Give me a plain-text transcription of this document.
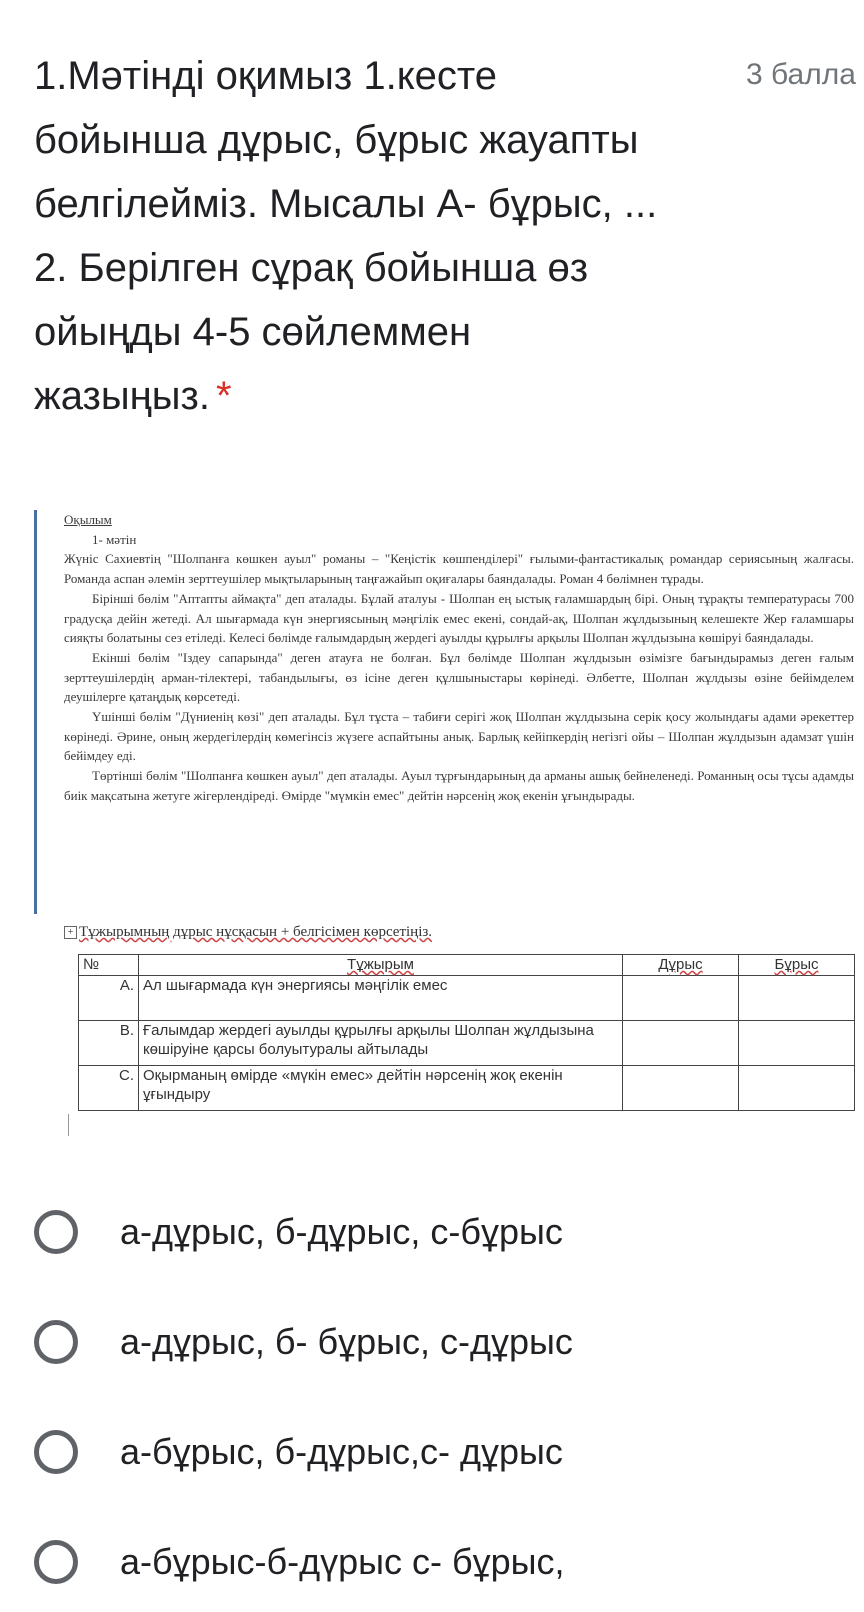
1.Мәтінді оқимыз 1.кесте
бойынша дұрыс, бұрыс жауапты
белгілейміз. Мысалы А- бұрыс, ...
2. Берілген сұрақ бойынша өз
ойыңды 4-5 сөйлеммен
жазыңыз. *
3 балла

Оқылым

1- мәтін

Жүніс Сахиевтің "Шолпанға көшкен ауыл" романы – "Кеңістік көшпенділері" ғылыми-фантастикалық романдар сериясының жалғасы. Романда аспан әлемін зерттеушілер мықтыларының таңғажайып оқиғалары баяндалады. Роман 4 бөлімнен тұрады.

Бірінші бөлім "Аптапты аймақта" деп аталады. Бұлай аталуы - Шолпан ең ыстық ғаламшардың бірі. Оның тұрақты температурасы 700 градусқа дейін жетеді. Ал шығармада күн энергиясының мәңгілік емес екені, сондай-ақ, Шолпан жұлдызының келешекте Жер ғаламшары сияқты болатыны сез етіледі. Келесі бөлімде ғалымдардың жердегі ауылды құрылғы арқылы Шолпан жұлдызына көшіруі баяндалады.

Екінші бөлім "Іздеу сапарында" деген атауға не болған. Бұл бөлімде Шолпан жұлдызын өзімізге бағындырамыз деген ғалым зерттеушілердің арман-тілектері, табандылығы, өз ісіне деген құлшыныстары көрінеді. Әлбетте, Шолпан жұлдызы өзіне бейімделем деушілерге қатаңдық көрсетеді.

Үшінші бөлім "Дүниенің көзі" деп аталады. Бұл тұста – табиғи серігі жоқ Шолпан жұлдызына серік қосу жолындағы адами әрекеттер көрінеді. Әрине, оның жердегілердің көмегінсіз жүзеге аспайтыны анық. Барлық кейіпкердің негізгі ойы – Шолпан жұлдызын адамзат үшін бейімдеу еді.

Төртінші бөлім "Шолпанға көшкен ауыл" деп аталады. Ауыл тұрғындарының да арманы ашық бейнеленеді. Романның осы тұсы адамды биік мақсатына жетуге жігерлендіреді. Өмірде "мүмкін емес" дейтін нәрсенің жоқ екенін ұғындырады.

+ Тұжырымның дұрыс нұсқасын + белгісімен көрсетіңіз.
№	Тұжырым	Дұрыс	Бұрыс
А.	Ал шығармада күн энергиясы мәңгілік емес		
В.	Ғалымдар жердегі ауылды құрылғы арқылы Шолпан жұлдызына көшіруіне қарсы болуытуралы айтылады		
С.	Оқырманың өмірде «мүкін емес» дейтін нәрсенің жоқ екенін ұғындыру		
а-дұрыс, б-дұрыс, с-бұрыс
а-дұрыс, б- бұрыс, с-дұрыс
а-бұрыс, б-дұрыс,с- дұрыс
а-бұрыс-б-дүрыс с- бұрыс,
